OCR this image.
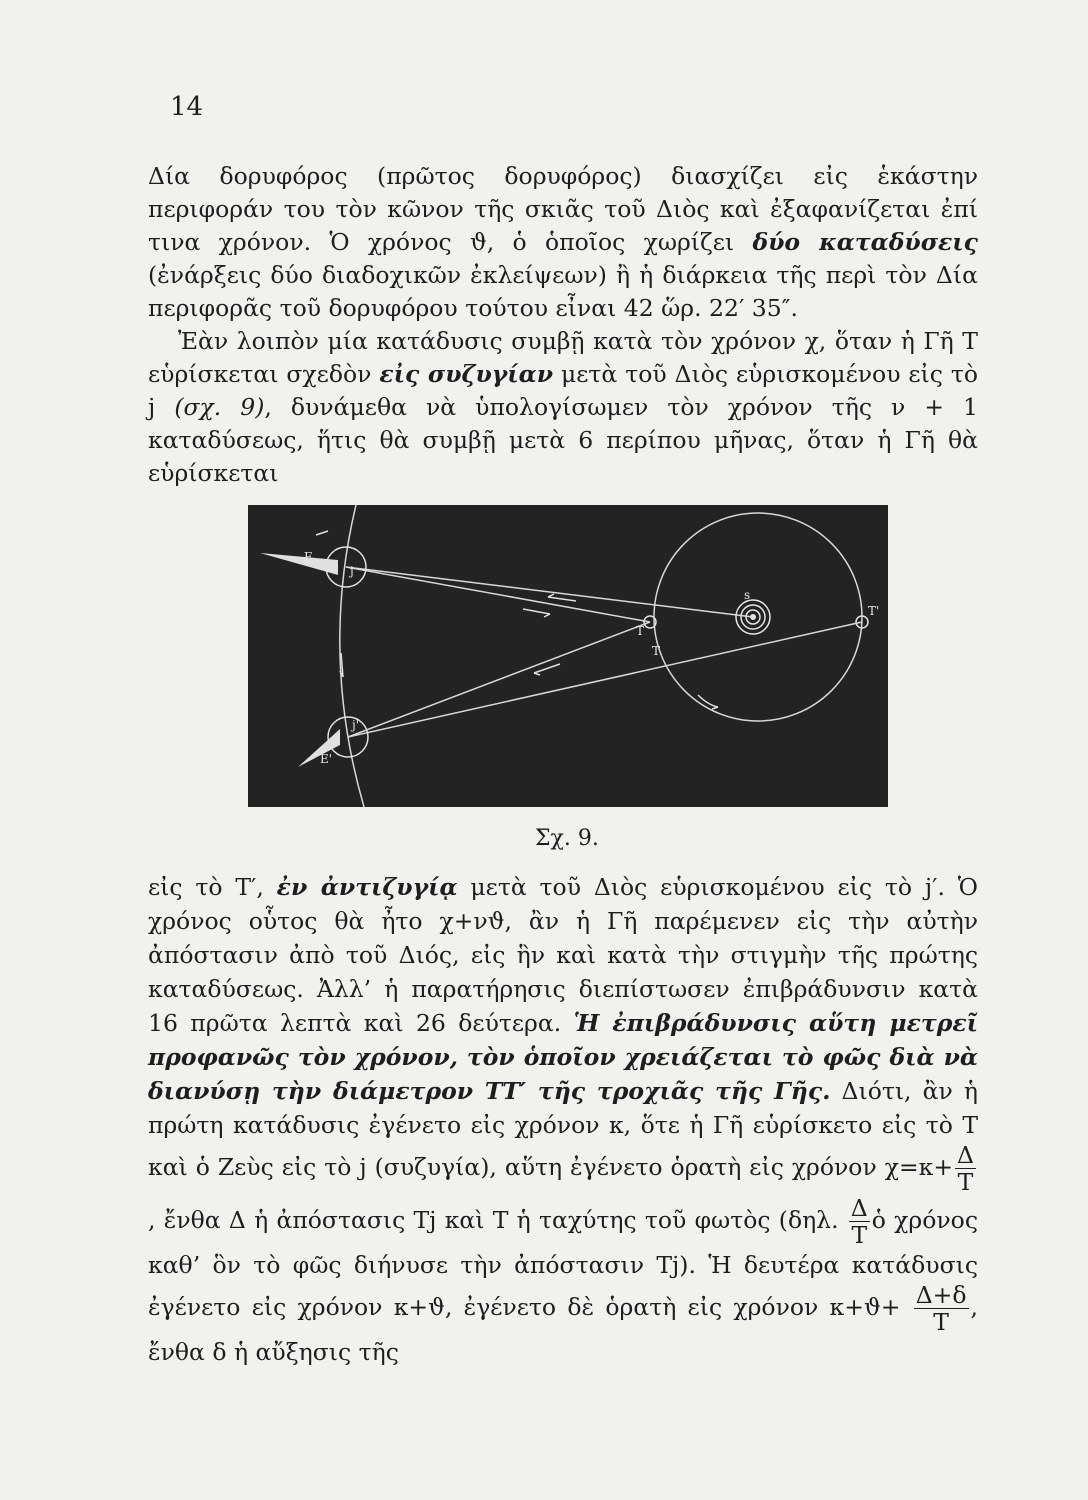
14

Δία δορυφόρος (πρῶτος δορυφόρος) διασχίζει εἰς ἑκάστην περιφοράν του τὸν κῶνον τῆς σκιᾶς τοῦ Διὸς καὶ ἐξαφανίζεται ἐπί τινα χρόνον. Ὁ χρόνος ϑ, ὁ ὁποῖος χωρίζει δύο καταδύσεις (ἐνάρξεις δύο διαδοχικῶν ἐκλείψεων) ἢ ἡ διάρκεια τῆς περὶ τὸν Δία περιφορᾶς τοῦ δορυφόρου τούτου εἶναι 42 ὥρ. 22′ 35″.

Ἐὰν λοιπὸν μία κατάδυσις συμβῇ κατὰ τὸν χρόνον χ, ὅταν ἡ Γῆ Τ εὑρίσκεται σχεδὸν εἰς συζυγίαν μετὰ τοῦ Διὸς εὑρισκομένου εἰς τὸ j (σχ. 9), δυνάμεθα νὰ ὑπολογίσωμεν τὸν χρόνον τῆς ν + 1 καταδύσεως, ἥτις θὰ συμβῇ μετὰ 6 περίπου μῆνας, ὅταν ἡ Γῆ θὰ εὑρίσκεται

E
j
E'
j'
s
T
T
T'
Σχ. 9.

εἰς τὸ Τ′, ἐν ἀντιζυγίᾳ μετὰ τοῦ Διὸς εὑρισκομένου εἰς τὸ j′. Ὁ χρόνος οὗτος θὰ ἦτο χ+νϑ, ἂν ἡ Γῆ παρέμενεν εἰς τὴν αὐτὴν ἀπόστασιν ἀπὸ τοῦ Διός, εἰς ἣν καὶ κατὰ τὴν στιγμὴν τῆς πρώτης καταδύσεως. Ἀλλ’ ἡ παρατήρησις διεπίστωσεν ἐπιβράδυνσιν κατὰ 16 πρῶτα λεπτὰ καὶ 26 δεύτερα. Ἡ ἐπιβράδυνσις αὕτη μετρεῖ προφανῶς τὸν χρόνον, τὸν ὁποῖον χρειάζεται τὸ φῶς διὰ νὰ διανύσῃ τὴν διάμετρον ΤΤ′ τῆς τροχιᾶς τῆς Γῆς. Διότι, ἂν ἡ πρώτη κατάδυσις ἐγένετο εἰς χρόνον κ, ὅτε ἡ Γῆ εὑρίσκετο εἰς τὸ Τ καὶ ὁ Ζεὺς εἰς τὸ j (συζυγία), αὕτη ἐγένετο ὁρατὴ εἰς χρόνον $\chi=\kappa+ \frac{\Delta}{T}$
, ἔνθα Δ ἡ ἀπόστασις Tj καὶ Τ ἡ ταχύτης τοῦ φωτὸς (δηλ. $\frac{\Delta}{T}$ ὁ χρόνος καθ’ ὃν τὸ φῶς διήνυσε τὴν ἀπόστασιν Tj). Ἡ δευτέρα κατάδυσις ἐγένετο εἰς χρόνον κ+ϑ, ἐγένετο δὲ ὁρατὴ εἰς χρόνον $\kappa+ϑ+ \frac{\Delta+\delta}{T}$ , ἔνθα δ ἡ αὔξησις τῆς
